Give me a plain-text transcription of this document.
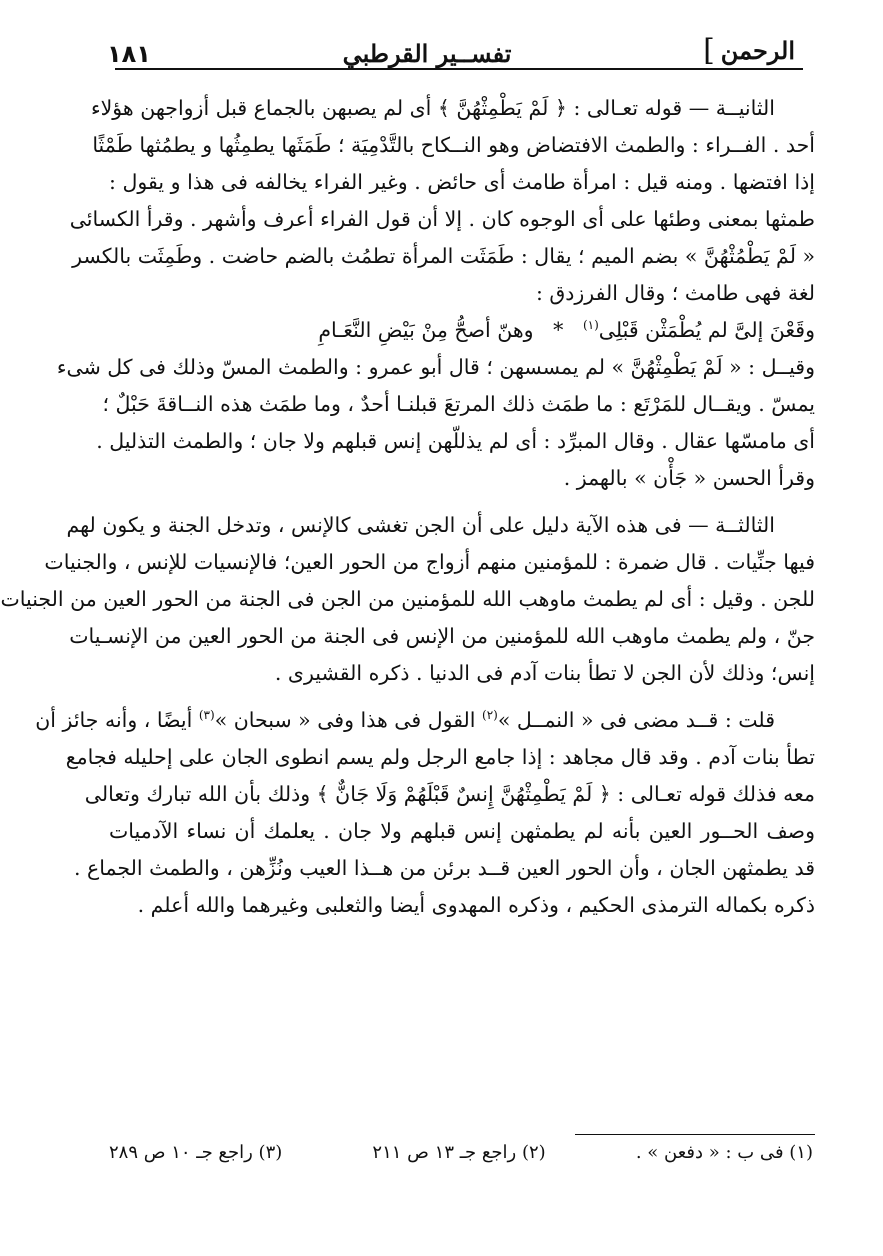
الرحمن
]
تفســير القرطبي
١٨١
الثانيــة — قوله تعـالى : ﴿ لَمْ يَطْمِثْهُنَّ ﴾ أى لم يصبهن بالجماع قبل أزواجهن هؤلاء
أحد . الفــراء : والطمث الافتضاض وهو النــكاح بالتَّدْمِيَة ؛ طَمَثَها يطمِثُها و يطمُثها طَمْثًا
إذا افتضها . ومنه قيل : امرأة طامث أى حائض . وغير الفراء يخالفه فى هذا و يقول :
طمثها بمعنى وطئها على أى الوجوه كان . إلا أن قول الفراء أعرف وأشهر . وقرأ الكسائى
« لَمْ يَطْمُثْهُنَّ » بضم الميم ؛ يقال : طَمَثَت المرأة تطمُث بالضم حاضت . وطَمِثَت بالكسر
لغة فهى طامث ؛ وقال الفرزدق :
وقَعْنَ إلىَّ لم يُطْمَثْن قَبْلِى$^{(١)}$   *   وهنّ أصحُّ مِنْ بَيْضِ النَّعَـامِ
وقيــل : « لَمْ يَطْمِثْهُنَّ » لم يمسسهن ؛ قال أبو عمرو : والطمث المسّ وذلك فى كل شىء
يمسّ . ويقــال للمَرْتَع : ما طمَث ذلك المرتعَ قبلنـا أحدٌ ، وما طمَث هذه النــاقةَ حَبْلٌ ؛
أى مامسّها عقال . وقال المبرِّد : أى لم يذللّهن إنس قبلهم ولا جان ؛ والطمث التذليل .
وقرأ الحسن « جَأْن » بالهمز .
الثالثــة — فى هذه الآية دليل على أن الجن تغشى كالإنس ، وتدخل الجنة و يكون لهم
فيها جنِّيات . قال ضمرة : للمؤمنين منهم أزواج من الحور العين؛ فالإنسيات للإنس ، والجنيات
للجن . وقيل : أى لم يطمث ماوهب الله للمؤمنين من الجن فى الجنة من الحور العين من الجنيات
جنّ ، ولم يطمث ماوهب الله للمؤمنين من الإنس فى الجنة من الحور العين من الإنسـيات
إنس؛ وذلك لأن الجن لا تطأ بنات آدم فى الدنيا . ذكره القشيرى .
قلت : قــد مضى فى « النمــل »$^{(٢)}$ القول فى هذا وفى « سبحان »$^{(٣)}$ أيضًا ، وأنه جائز أن
تطأ بنات آدم . وقد قال مجاهد : إذا جامع الرجل ولم يسم انطوى الجان على إحليله فجامع
معه فذلك قوله تعـالى : ﴿ لَمْ يَطْمِثْهُنَّ إِنسٌ قَبْلَهُمْ وَلَا جَانٌّ ﴾ وذلك بأن الله تبارك وتعالى
وصف الحــور العين بأنه لم يطمثهن إنس قبلهم ولا جان . يعلمك أن نساء الآدميات
قد يطمثهن الجان ، وأن الحور العين قــد برئن من هــذا العيب ونُزِّهن ، والطمث الجماع .
ذكره بكماله الترمذى الحكيم ، وذكره المهدوى أيضا والثعلبى وغيرهما والله أعلم .
(١) فى ب : « دفعن » .
(٢) راجع جـ ١٣ ص ٢١١
(٣) راجع جـ ١٠ ص ٢٨٩
